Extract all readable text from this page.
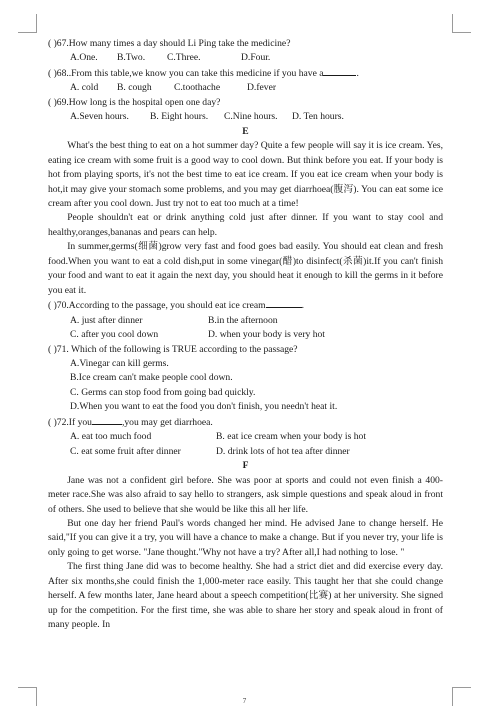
( )67.How many times a day should Li Ping take the medicine?
A.One. B.Two. C.Three.	D.Four.
( )68..From this table,we know you can take this medicine if you have a	.
A. cold B. cough C.toothache	D.fever
( )69.How long is the hospital open one day?
A.Seven hours. B. Eight hours. C.Nine hours. D. Ten hours.
E
What's the best thing to eat on a hot summer day? Quite a few people will say it is ice cream. Yes, eating ice cream with some fruit is a good way to cool down. But think before you eat. If your body is hot from playing sports, it's not the best time to eat ice cream. If you eat ice cream when your body is hot,it may give your stomach some problems, and you may get diarrhoea(腹泻). You can eat some ice cream after you cool down. Just try not to eat too much at a time!
People shouldn't eat or drink anything cold just after dinner. If you want to stay cool and healthy,oranges,bananas and pears can help.
In summer,germs(细菌)grow very fast and food goes bad easily. You should eat clean and fresh food.When you want to eat a cold dish,put in some vinegar(醋)to disinfect(杀菌)it.If you can't finish your food and want to eat it again the next day, you should heat it enough to kill the germs in it before you eat it.
( )70.According to the passage, you should eat ice cream	.
A. just after dinner	B.in the afternoon
C. after you cool down	D. when your body is very hot
( )71. Which of the following is TRUE according to the passage?
A.Vinegar can kill germs.
B.Ice cream can't make people cool down.
C. Germs can stop food from going bad quickly.
D.When you want to eat the food you don't finish, you needn't heat it.
( )72.If you	,you may get diarrhoea.
A. eat too much food	B. eat ice cream when your body is hot
C. eat some fruit after dinner	D. drink lots of hot tea after dinner
F
Jane was not a confident girl before. She was poor at sports and could not even finish a 400-meter race.She was also afraid to say hello to strangers, ask simple questions and speak aloud in front of others. She used to believe that she would be like this all her life.
But one day her friend Paul's words changed her mind. He advised Jane to change herself. He said,"If you can give it a try, you will have a chance to make a change. But if you never try, your life is only going to get worse. "Jane thought."Why not have a try? After all,I had nothing to lose. "
The first thing Jane did was to become healthy. She had a strict diet and did exercise every day. After six months,she could finish the 1,000-meter race easily. This taught her that she could change herself. A few months later, Jane heard about a speech competition(比赛) at her university. She signed up for the competition. For the first time, she was able to share her story and speak aloud in front of many people. In
7
